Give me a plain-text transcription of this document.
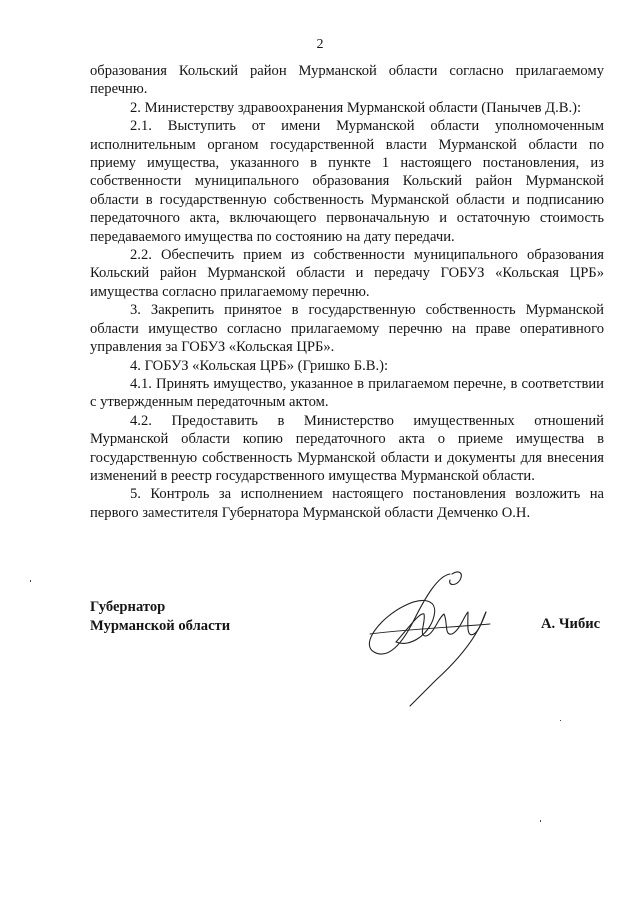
2

образования Кольский район Мурманской области согласно прилагаемому перечню.

2. Министерству здравоохранения Мурманской области (Панычев Д.В.):

2.1. Выступить от имени Мурманской области уполномоченным исполнительным органом государственной власти Мурманской области по приему имущества, указанного в пункте 1 настоящего постановления, из собственности муниципального образования Кольский район Мурманской области в государственную собственность Мурманской области и подписанию передаточного акта, включающего первоначальную и остаточную стоимость передаваемого имущества по состоянию на дату передачи.

2.2. Обеспечить прием из собственности муниципального образования Кольский район Мурманской области и передачу ГОБУЗ «Кольская ЦРБ» имущества согласно прилагаемому перечню.

3. Закрепить принятое в государственную собственность Мурманской области имущество согласно прилагаемому перечню на праве оперативного управления за ГОБУЗ «Кольская ЦРБ».

4. ГОБУЗ «Кольская ЦРБ» (Гришко Б.В.):

4.1. Принять имущество, указанное в прилагаемом перечне, в соответствии с утвержденным передаточным актом.

4.2. Предоставить в Министерство имущественных отношений Мурманской области копию передаточного акта о приеме имущества в государственную собственность Мурманской области и документы для внесения изменений в реестр государственного имущества Мурманской области.

5. Контроль за исполнением настоящего постановления возложить на первого заместителя Губернатора Мурманской области Демченко О.Н.

Губернатор
Мурманской области	А. Чибис
